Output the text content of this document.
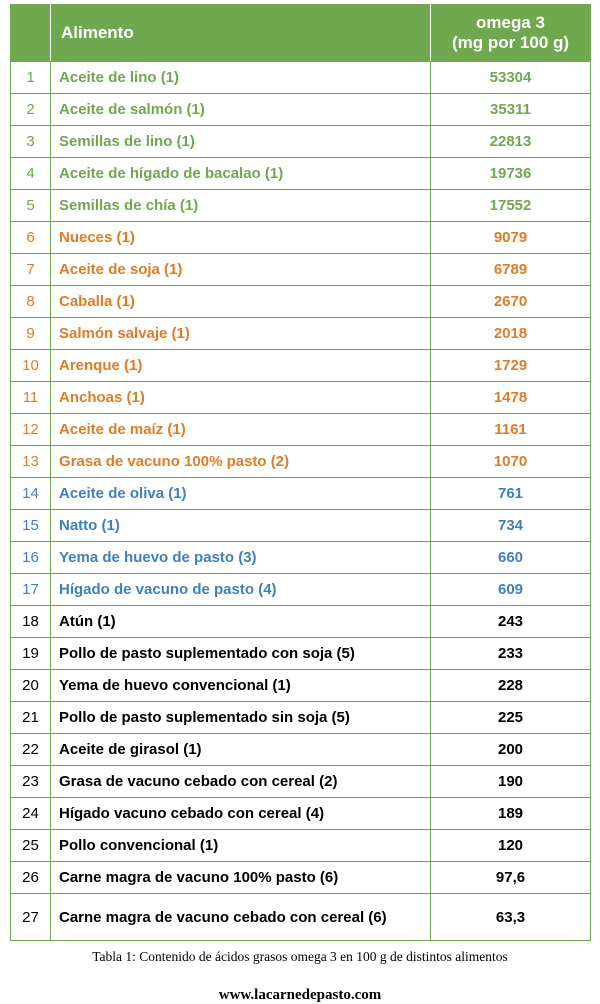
	Alimento	omega 3
(mg por 100 g)

1	Aceite de lino (1)	53304
2	Aceite de salmón (1)	35311
3	Semillas de lino (1)	22813
4	Aceite de hígado de bacalao (1)	19736
5	Semillas de chía (1)	17552
6	Nueces (1)	9079
7	Aceite de soja (1)	6789
8	Caballa (1)	2670
9	Salmón salvaje (1)	2018
10	Arenque (1)	1729
11	Anchoas (1)	1478
12	Aceite de maíz (1)	1161
13	Grasa de vacuno 100% pasto (2)	1070
14	Aceite de oliva (1)	761
15	Natto (1)	734
16	Yema de huevo de pasto (3)	660
17	Hígado de vacuno de pasto (4)	609
18	Atún (1)	243
19	Pollo de pasto suplementado con soja (5)	233
20	Yema de huevo convencional (1)	228
21	Pollo de pasto suplementado sin soja (5)	225
22	Aceite de girasol (1)	200
23	Grasa de vacuno cebado con cereal (2)	190
24	Hígado vacuno cebado con cereal (4)	189
25	Pollo convencional (1)	120
26	Carne magra de vacuno 100% pasto (6)	97,6
27	Carne magra de vacuno cebado con cereal (6)	63,3
Tabla 1: Contenido de ácidos grasos omega 3 en 100 g de distintos alimentos
www.lacarnedepasto.com
